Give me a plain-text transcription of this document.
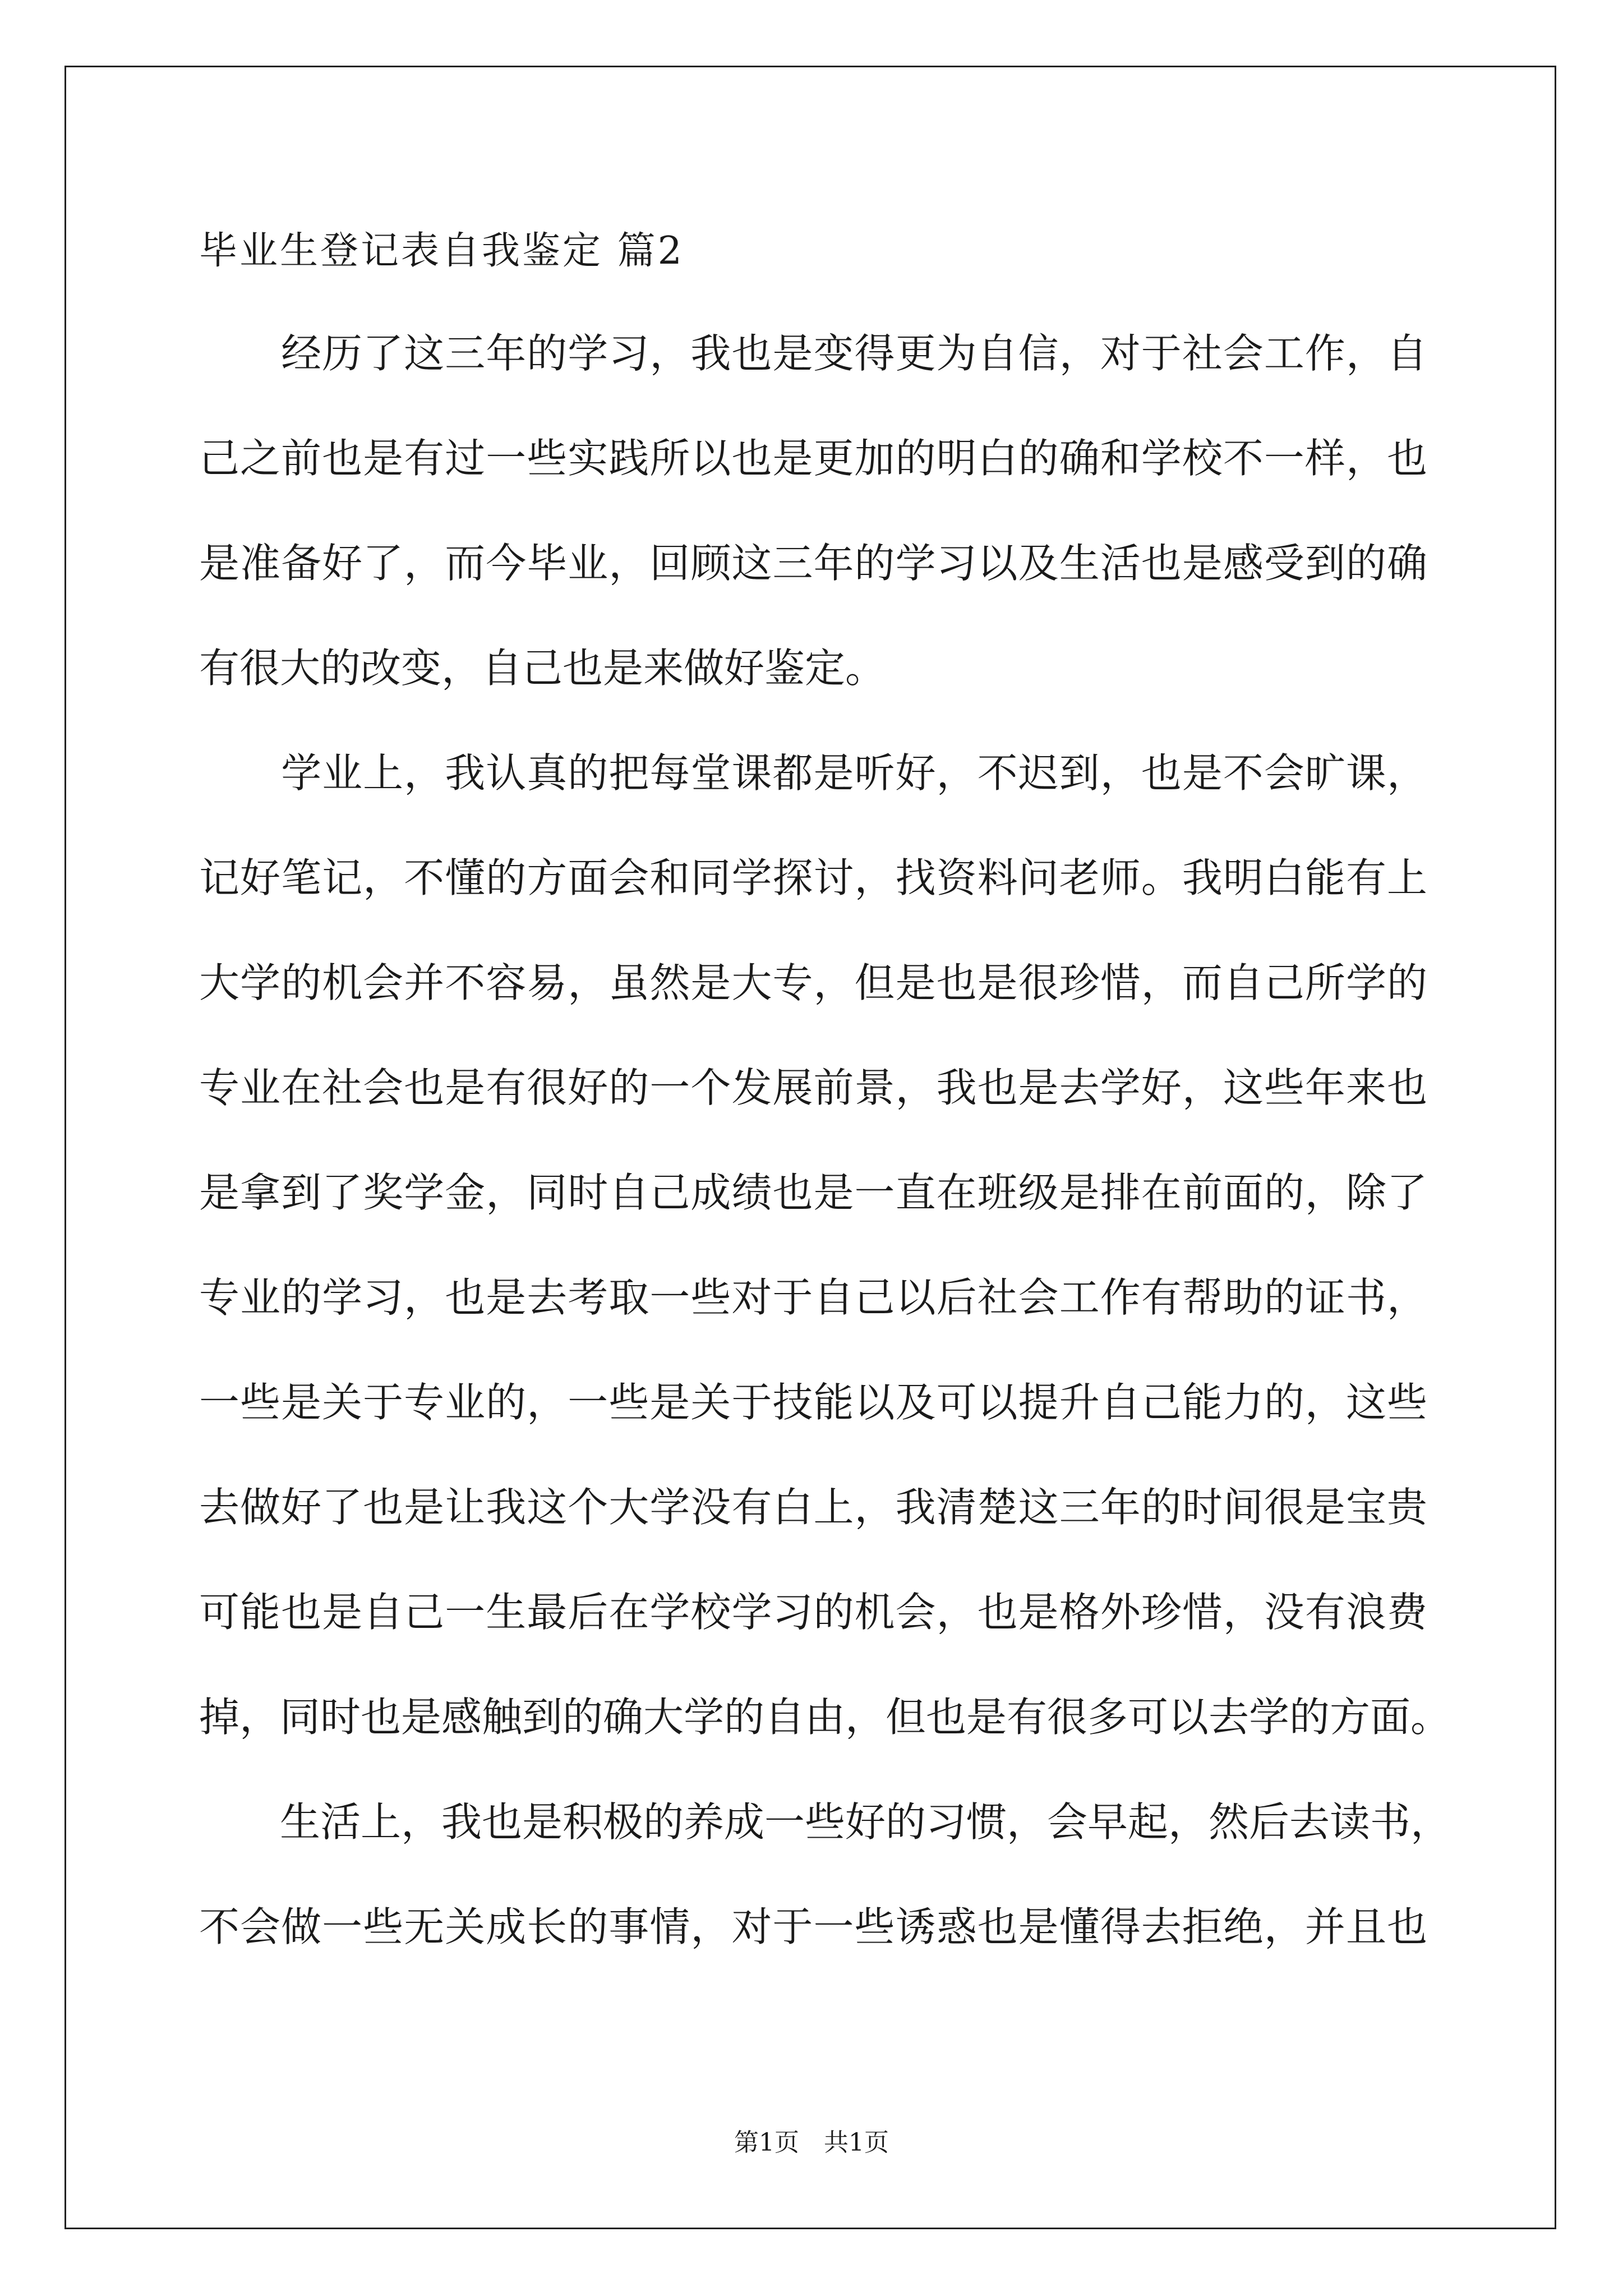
毕业生登记表自我鉴定 篇2
　　经历了这三年的学习，我也是变得更为自信，对于社会工作，自
己之前也是有过一些实践所以也是更加的明白的确和学校不一样，也
是准备好了，而今毕业，回顾这三年的学习以及生活也是感受到的确
有很大的改变，自己也是来做好鉴定。
　　学业上，我认真的把每堂课都是听好，不迟到，也是不会旷课，
记好笔记，不懂的方面会和同学探讨，找资料问老师。我明白能有上
大学的机会并不容易，虽然是大专，但是也是很珍惜，而自己所学的
专业在社会也是有很好的一个发展前景，我也是去学好，这些年来也
是拿到了奖学金，同时自己成绩也是一直在班级是排在前面的，除了
专业的学习，也是去考取一些对于自己以后社会工作有帮助的证书，
一些是关于专业的，一些是关于技能以及可以提升自己能力的，这些
去做好了也是让我这个大学没有白上，我清楚这三年的时间很是宝贵
可能也是自己一生最后在学校学习的机会，也是格外珍惜，没有浪费
掉，同时也是感触到的确大学的自由，但也是有很多可以去学的方面。
　　生活上，我也是积极的养成一些好的习惯，会早起，然后去读书，
不会做一些无关成长的事情，对于一些诱惑也是懂得去拒绝，并且也
第1页　共1页
